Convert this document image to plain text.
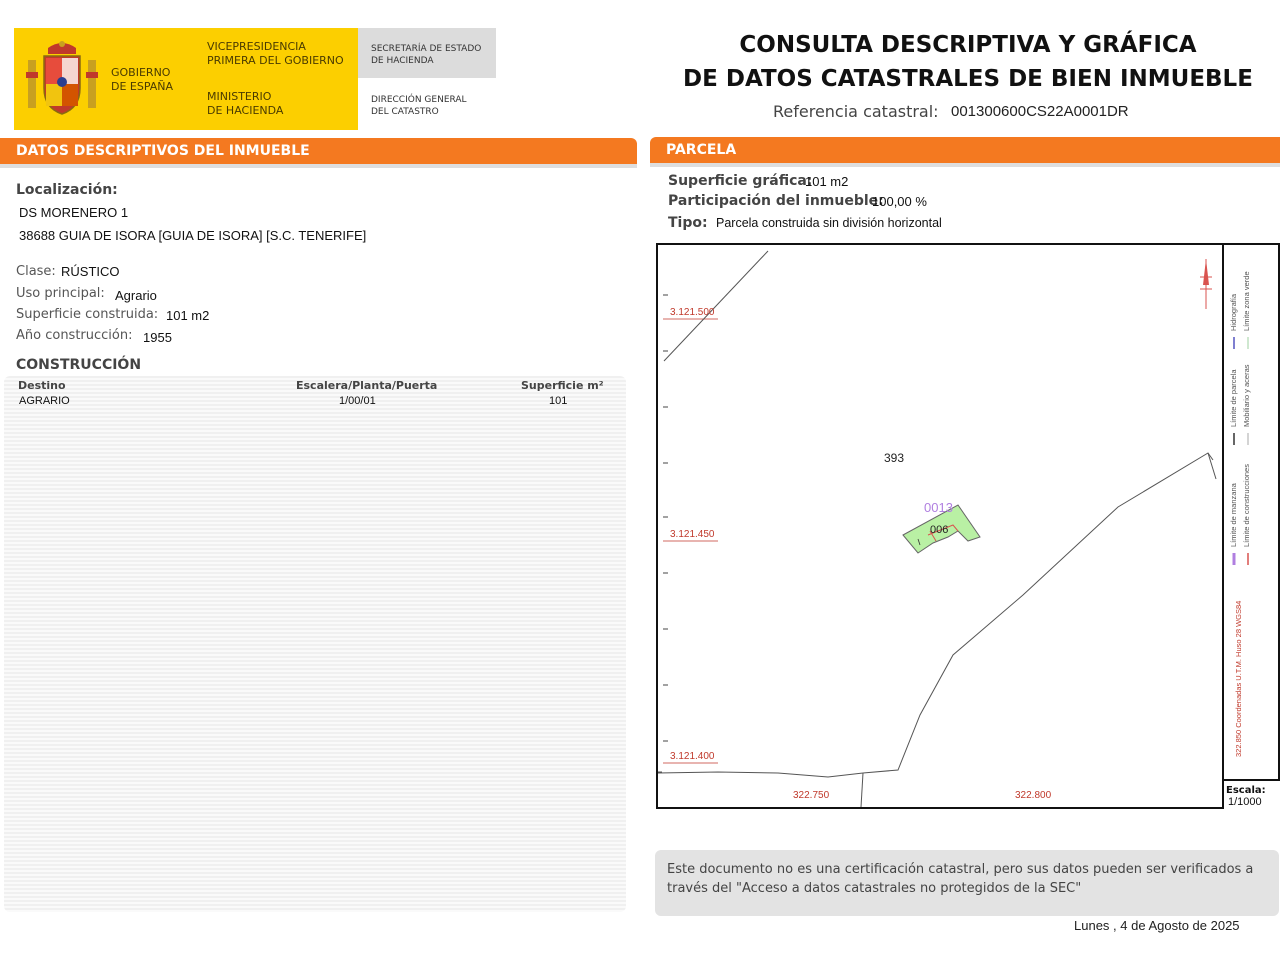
GOBIERNO
DE ESPAÑA
VICEPRESIDENCIA
PRIMERA DEL GOBIERNO
MINISTERIO
DE HACIENDA
SECRETARÍA DE ESTADO
DE HACIENDA
DIRECCIÓN GENERAL
DEL CATASTRO
CONSULTA DESCRIPTIVA Y GRÁFICA
DE DATOS CATASTRALES DE BIEN INMUEBLE
Referencia catastral: 001300600CS22A0001DR
DATOS DESCRIPTIVOS DEL INMUEBLE
Localización:
DS MORENERO 1
38688 GUIA DE ISORA [GUIA DE ISORA] [S.C. TENERIFE]
Clase: RÚSTICO
Uso principal: Agrario
Superficie construida: 101 m2
Año construcción: 1955
CONSTRUCCIÓN
Destino	Escalera/Planta/Puerta	Superficie m²
AGRARIO	1/00/01	101
PARCELA
Superficie gráfica:
101 m2
Participación del inmueble:
100,00 %
Tipo: Parcela construida sin división horizontal
3.121.500
3.121.450
3.121.400
322.750	322.800
393
0013
006
Hidrografía Límite zona verde
Límite de parcela Mobiliario y aceras
Límite de manzana Límite de construcciones
322.850 Coordenadas U.T.M. Huso 28 WGS84
Escala:
1/1000
Este documento no es una certificación catastral, pero sus datos pueden ser verificados a través del "Acceso a datos catastrales no protegidos de la SEC"
Lunes , 4 de Agosto de 2025
